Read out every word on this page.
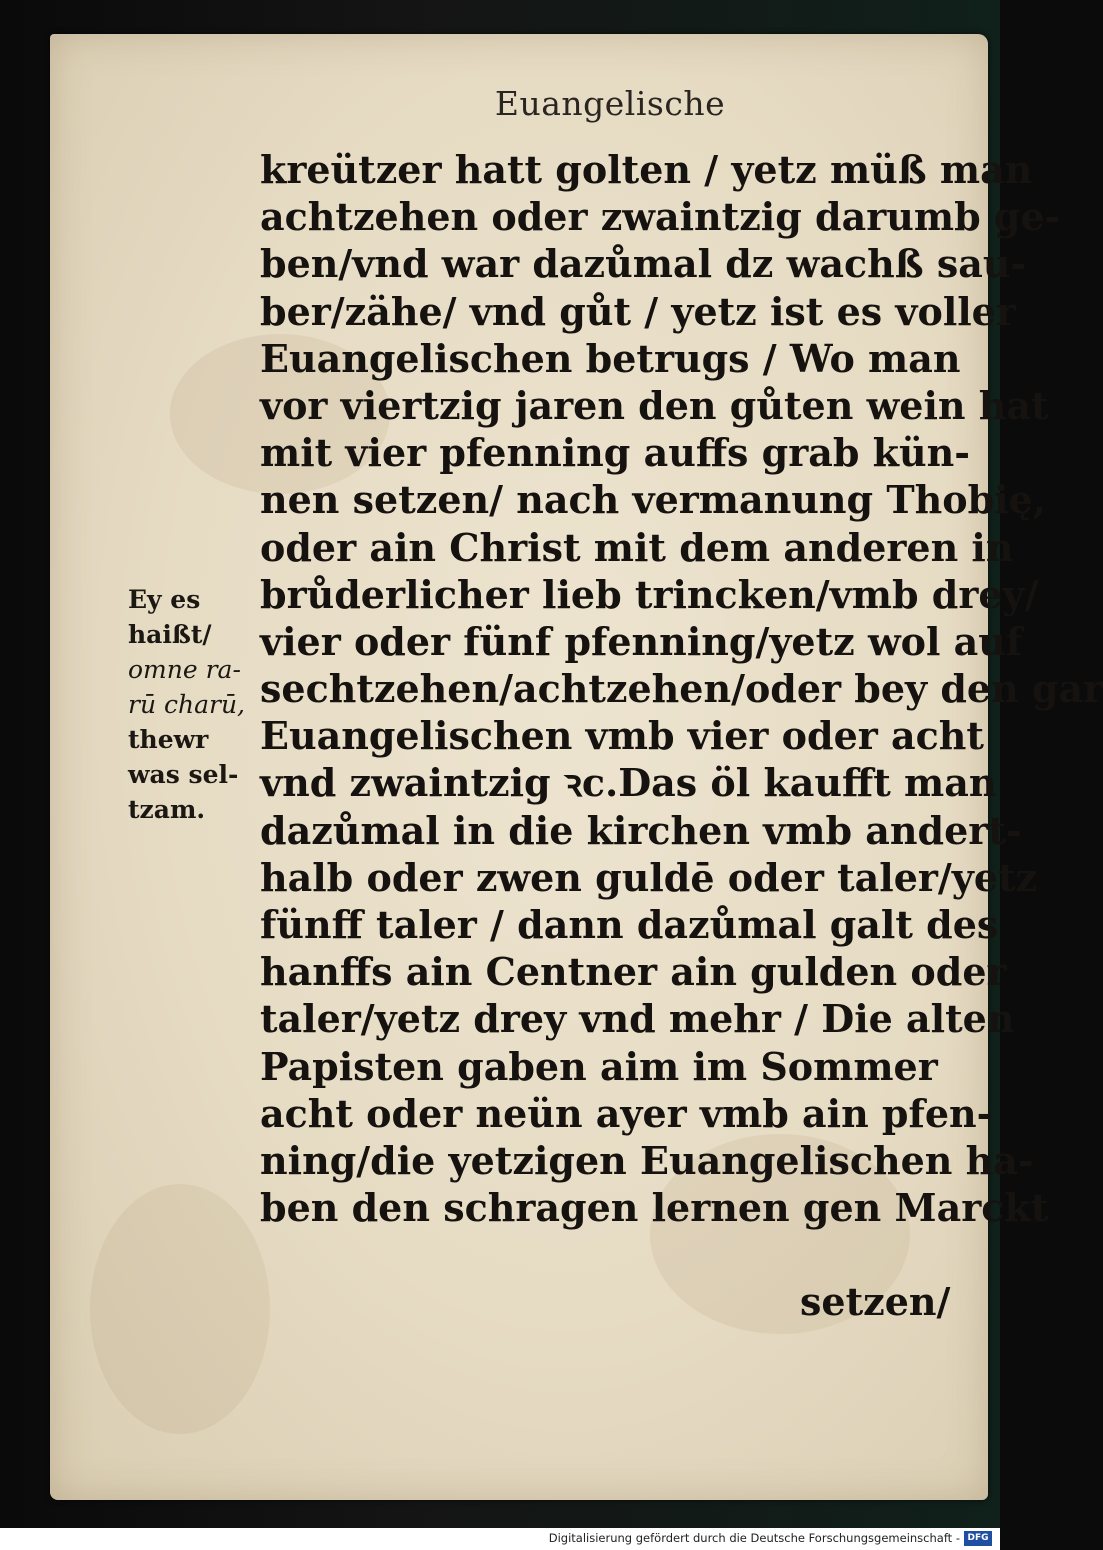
Euangelische
kreützer hatt golten / yetz müß man
achtzehen oder zwaintzig darumb ge-
ben/vnd war dazůmal dz wachß sau-
ber/zähe/ vnd gůt / yetz ist es voller
Euangelischen betrugs / Wo man
vor viertzig jaren den gůten wein hat
mit vier pfenning auffs grab kün-
nen setzen/ nach vermanung Thobię,
oder ain Christ mit dem anderen in
brůderlicher lieb trincken/vmb drey/
vier oder fünf pfenning/yetz wol auf
sechtzehen/achtzehen/oder bey den gar
Euangelischen vmb vier oder acht
vnd zwaintzig ꝛc.Das öl kaufft man
dazůmal in die kirchen vmb andert-
halb oder zwen guldē oder taler/yetz
fünff taler / dann dazůmal galt des
hanffs ain Centner ain gulden oder
taler/yetz drey vnd mehr / Die alten
Papisten gaben aim im Sommer
acht oder neün ayer vmb ain pfen-
ning/die yetzigen Euangelischen ha-
ben den schragen lernen gen Marckt
setzen/
Ey es
haißt/
omne ra-
rū charū,
thewr
was sel-
tzam.
Digitalisierung gefördert durch die Deutsche Forschungsgemeinschaft - DFG
